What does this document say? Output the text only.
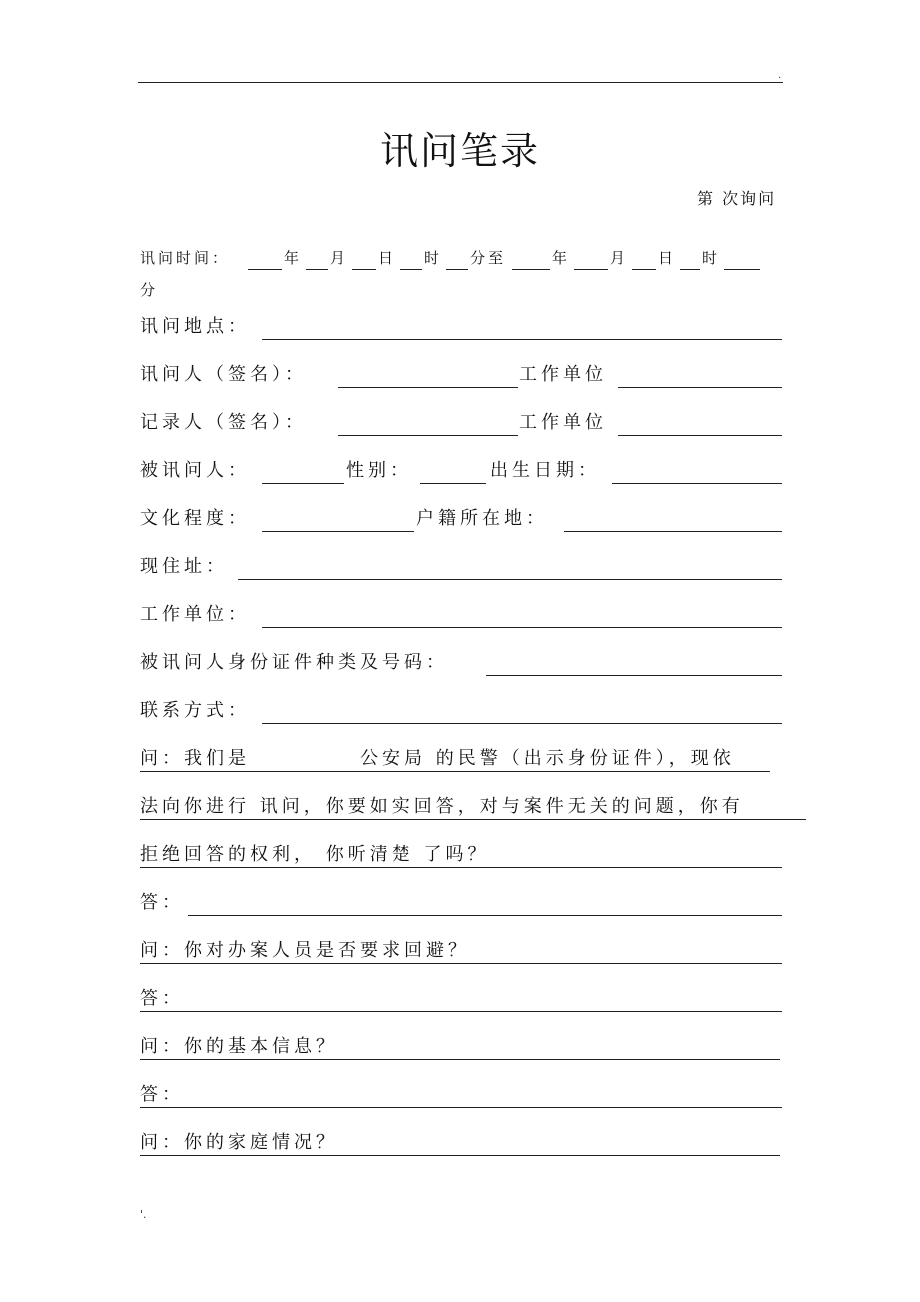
.
讯问笔录
第 次询问
讯问时间：	年 月 日 时 分至	年	月 日 时
分
讯问地点：
讯问人（签名）：	工作单位
记录人（签名）：	工作单位
被讯问人：	性别：	出生日期：
文化程度：	户籍所在地：
现住址：
工作单位：
被讯问人身份证件种类及号码：
联系方式：
问：我们是	公安局 的民警（出示身份证件），现依
法向你进行 讯问，你要如实回答，对与案件无关的问题，你有
拒绝回答的权利， 你听清楚 了吗？
答：
问：你对办案人员是否要求回避？
答：
问：你的基本信息？
答：
问：你的家庭情况？
'.
